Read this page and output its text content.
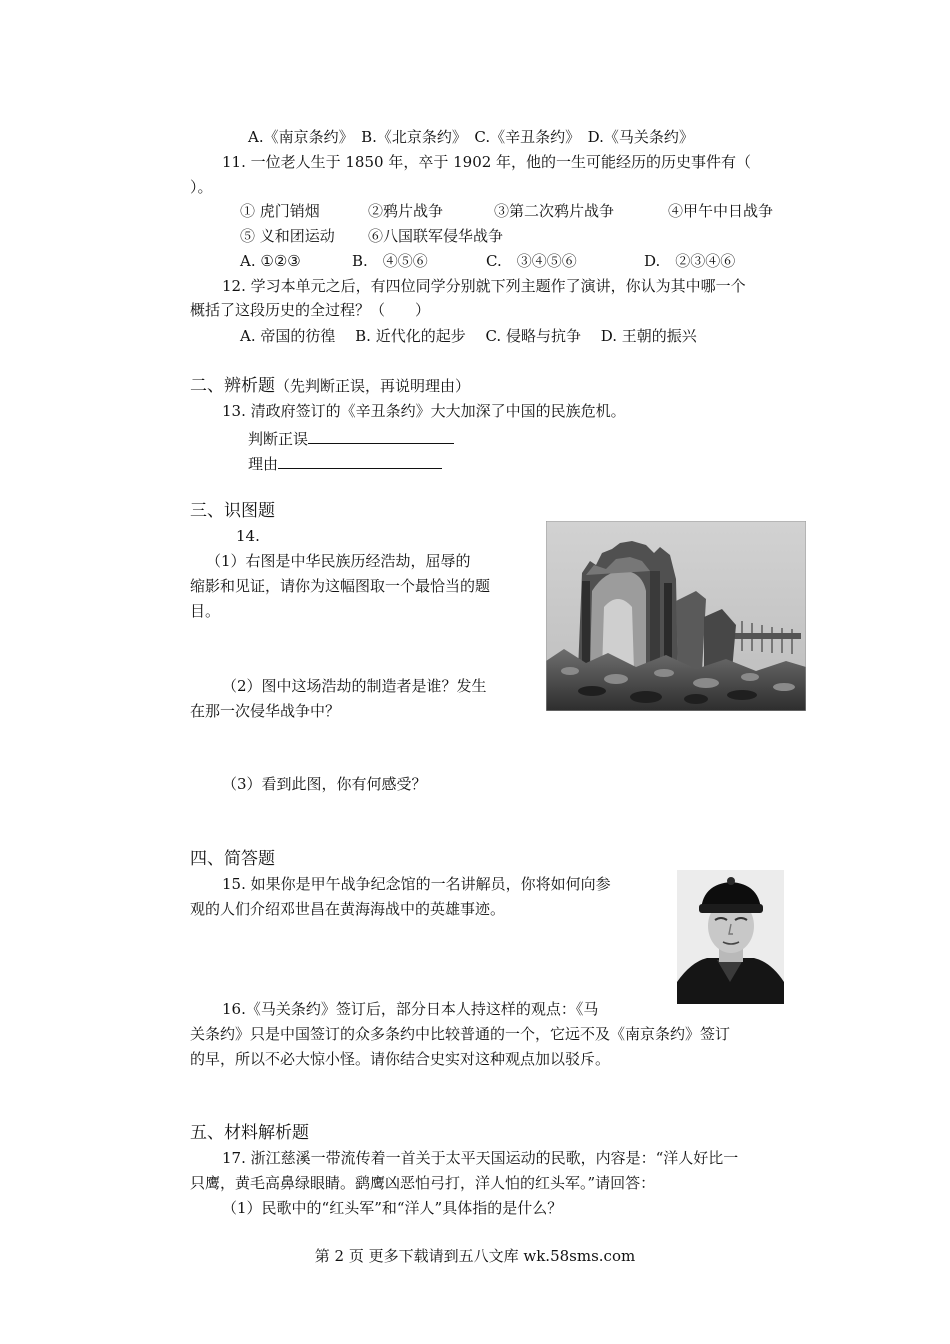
A.《南京条约》　B.《北京条约》　C.《辛丑条约》　D.《马关条约》
11. 一位老人生于 1850 年，卒于 1902 年，他的一生可能经历的历史事件有（
）。
① 虎门销烟	②鸦片战争	③第二次鸦片战争	④甲午中日战争
⑤ 义和团运动 ⑥八国联军侵华战争
A. ①②③	B.　④⑤⑥	C.　③④⑤⑥	D.　②③④⑥
12. 学习本单元之后，有四位同学分别就下列主题作了演讲，你认为其中哪一个
概括了这段历史的全过程？（　　）
A. 帝国的彷徨　 B. 近代化的起步　 C. 侵略与抗争　 D. 王朝的振兴
二、辨析题（先判断正误，再说明理由）
13. 清政府签订的《辛丑条约》大大加深了中国的民族危机。
判断正误
理由
三、识图题
14.
（1）右图是中华民族历经浩劫，屈辱的
缩影和见证，请你为这幅图取一个最恰当的题
目。
（2）图中这场浩劫的制造者是谁？发生
在那一次侵华战争中？
（3）看到此图，你有何感受？
四、简答题
15. 如果你是甲午战争纪念馆的一名讲解员，你将如何向参
观的人们介绍邓世昌在黄海海战中的英雄事迹。
16.《马关条约》签订后，部分日本人持这样的观点：《马
关条约》只是中国签订的众多条约中比较普通的一个，它远不及《南京条约》签订
的早，所以不必大惊小怪。请你结合史实对这种观点加以驳斥。
五、材料解析题
17. 浙江慈溪一带流传着一首关于太平天国运动的民歌，内容是：“洋人好比一
只鹰，黄毛高鼻绿眼睛。鹞鹰凶恶怕弓打，洋人怕的红头军。”请回答：
（1）民歌中的“红头军”和“洋人”具体指的是什么？
第 2 页 更多下载请到五八文库 wk.58sms.com
